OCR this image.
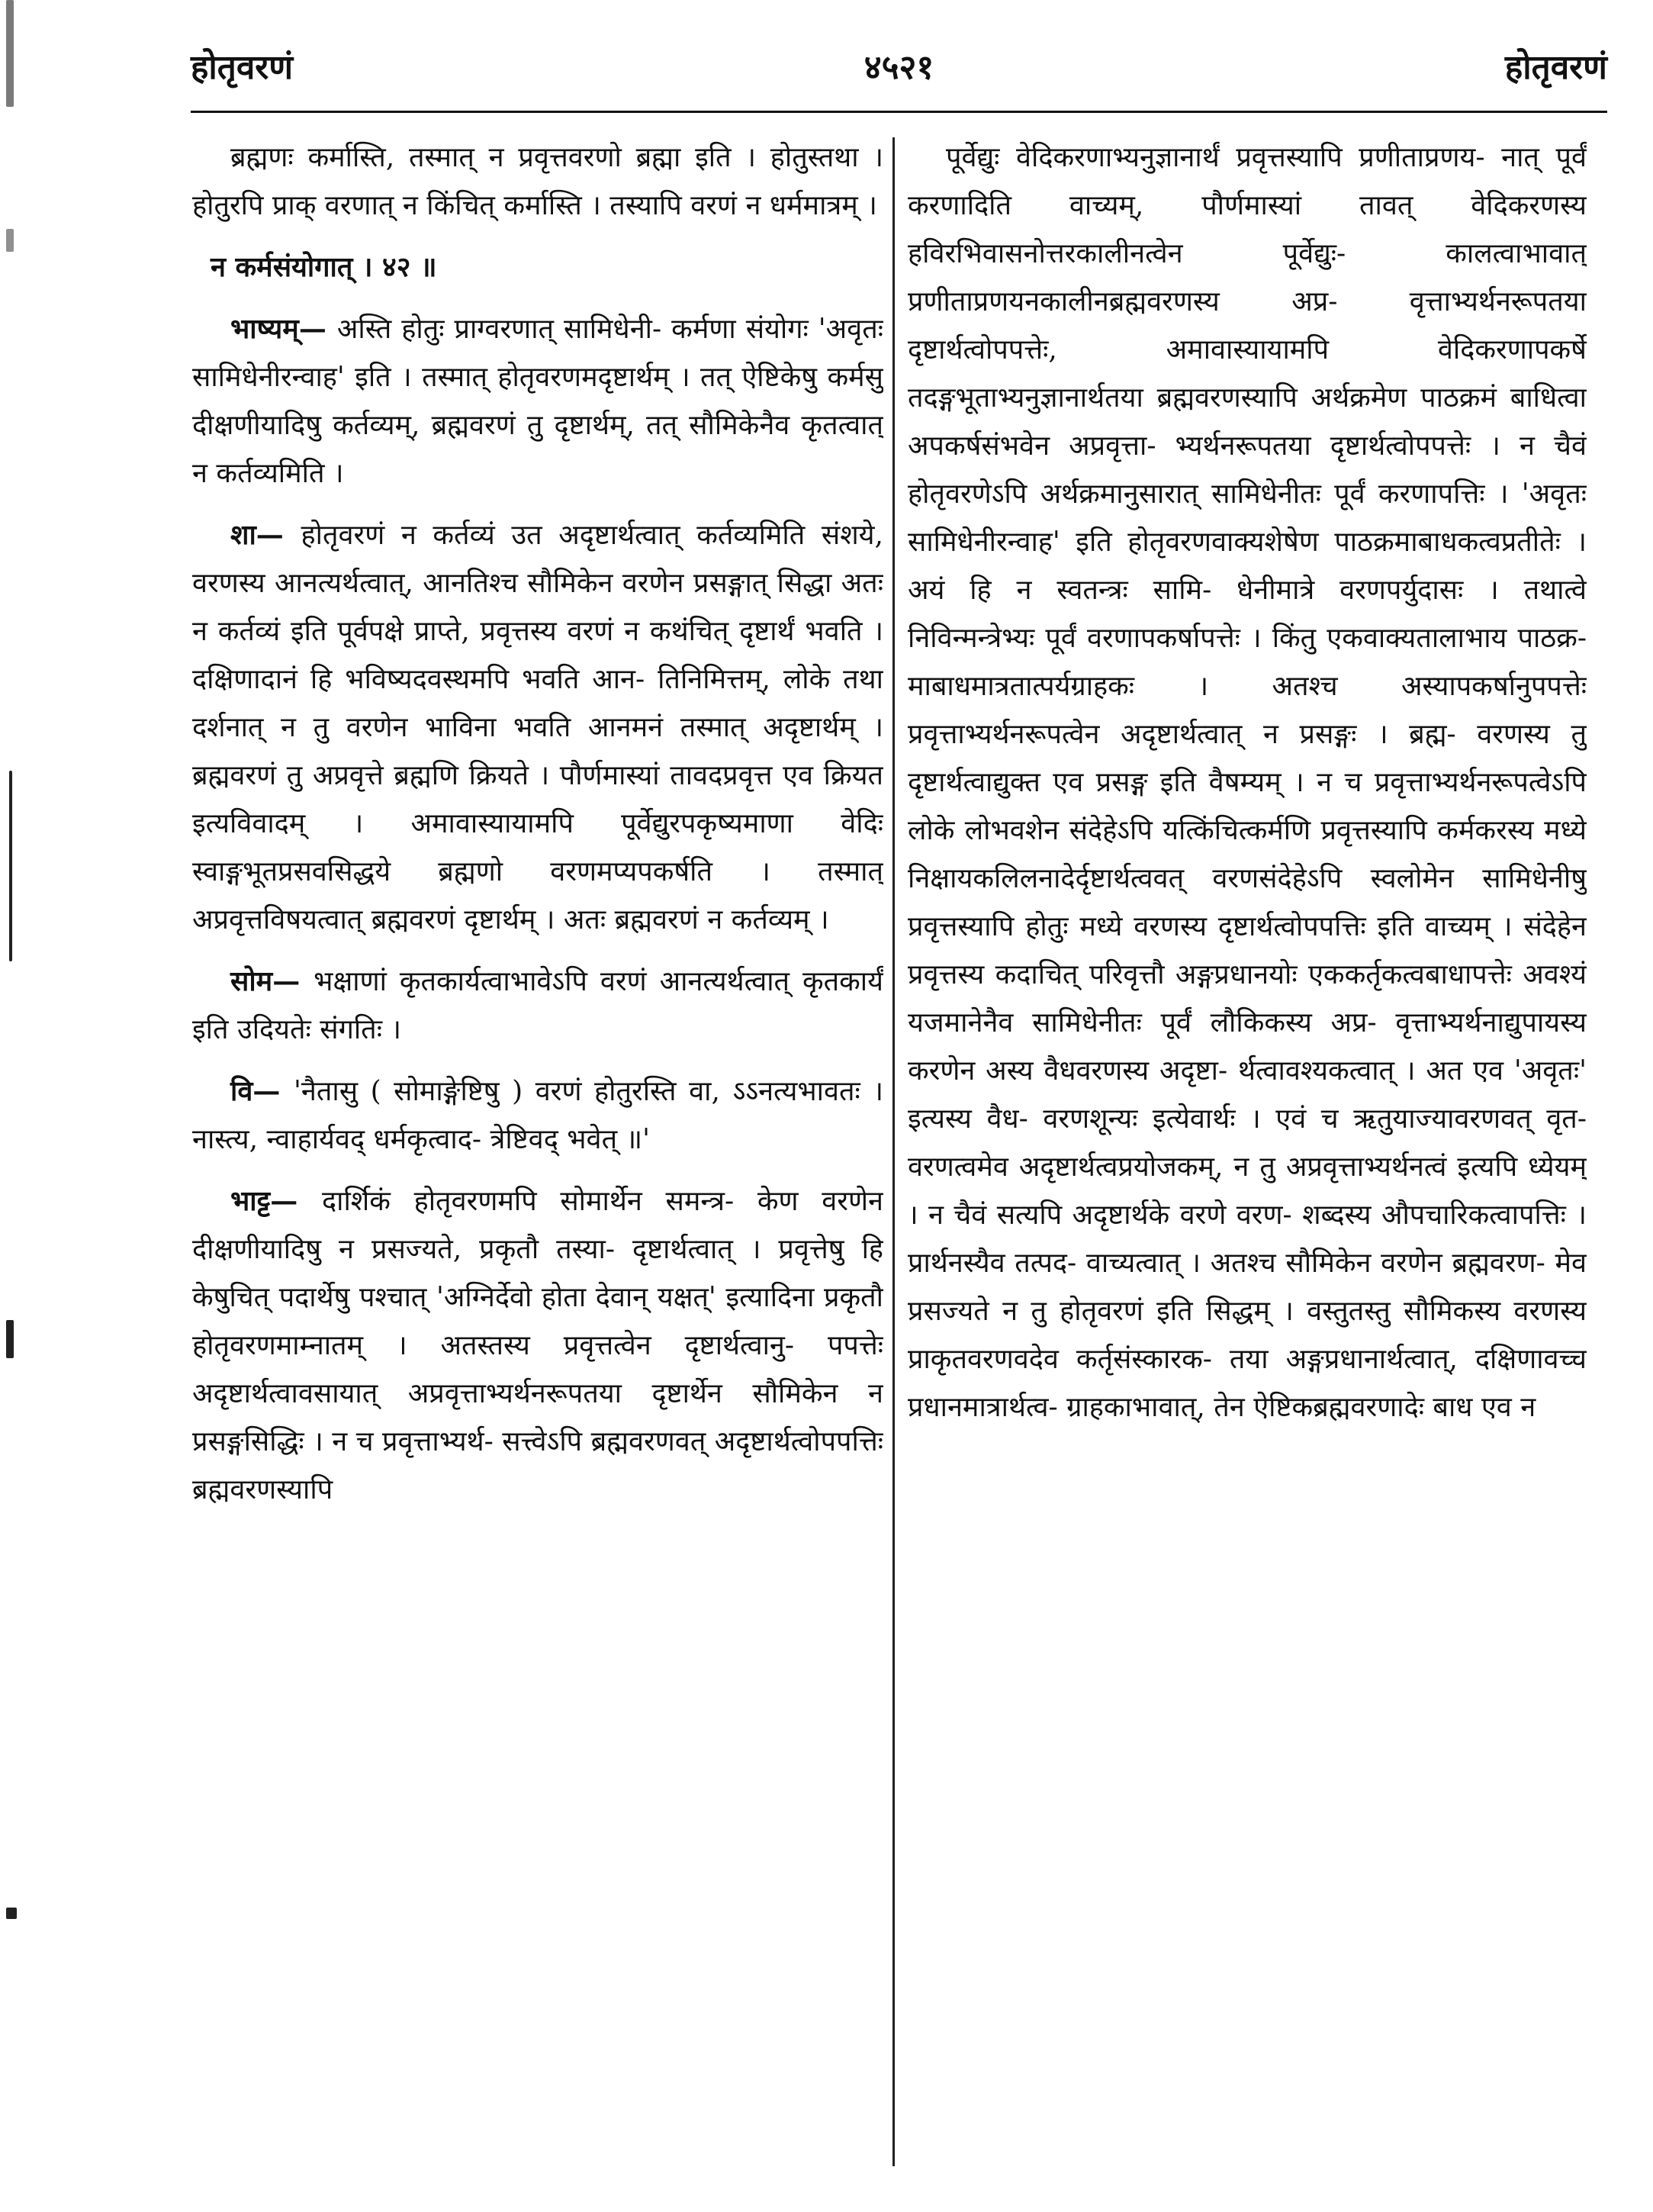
होतृवरणं	४५२१	होतृवरणं
ब्रह्मणः कर्मास्ति, तस्मात् न प्रवृत्तवरणो ब्रह्मा इति । होतुस्तथा । होतुरपि प्राक् वरणात् न किंचित् कर्मास्ति । तस्यापि वरणं न धर्ममात्रम् ।
न कर्मसंयोगात् । ४२ ॥
भाष्यम्— अस्ति होतुः प्राग्वरणात् सामिधेनी- कर्मणा संयोगः 'अवृतः सामिधेनीरन्वाह' इति । तस्मात् होतृवरणमदृष्टार्थम् । तत् ऐष्टिकेषु कर्मसु दीक्षणीयादिषु कर्तव्यम्, ब्रह्मवरणं तु दृष्टार्थम्, तत् सौमिकेनैव कृतत्वात् न कर्तव्यमिति ।
शा— होतृवरणं न कर्तव्यं उत अदृष्टार्थत्वात् कर्तव्यमिति संशये, वरणस्य आनत्यर्थत्वात्, आनतिश्च सौमिकेन वरणेन प्रसङ्गात् सिद्धा अतः न कर्तव्यं इति पूर्वपक्षे प्राप्ते, प्रवृत्तस्य वरणं न कथंचित् दृष्टार्थं भवति । दक्षिणादानं हि भविष्यदवस्थमपि भवति आन- तिनिमित्तम्, लोके तथा दर्शनात् न तु वरणेन भाविना भवति आनमनं तस्मात् अदृष्टार्थम् । ब्रह्मवरणं तु अप्रवृत्ते ब्रह्मणि क्रियते । पौर्णमास्यां तावदप्रवृत्त एव क्रियत इत्यविवादम् । अमावास्यायामपि पूर्वेद्युरपकृष्यमाणा वेदिः स्वाङ्गभूतप्रसवसिद्धये ब्रह्मणो वरणमप्यपकर्षति । तस्मात् अप्रवृत्तविषयत्वात् ब्रह्मवरणं दृष्टार्थम् । अतः ब्रह्मवरणं न कर्तव्यम् ।
सोम— भक्षाणां कृतकार्यत्वाभावेऽपि वरणं आनत्यर्थत्वात् कृतकार्यं इति उदियतेः संगतिः ।
वि— 'नैतासु ( सोमाङ्गेष्टिषु ) वरणं होतुरस्ति वा, ऽऽनत्यभावतः । नास्त्य, न्वाहार्यवद् धर्मकृत्वाद- त्रेष्टिवद् भवेत् ॥'
भाट्ट— दार्शिकं होतृवरणमपि सोमार्थेन समन्त्र- केण वरणेन दीक्षणीयादिषु न प्रसज्यते, प्रकृतौ तस्या- दृष्टार्थत्वात् । प्रवृत्तेषु हि केषुचित् पदार्थेषु पश्चात् 'अग्निर्देवो होता देवान् यक्षत्' इत्यादिना प्रकृतौ होतृवरणमाम्नातम् । अतस्तस्य प्रवृत्तत्वेन दृष्टार्थत्वानु- पपत्तेः अदृष्टार्थत्वावसायात् अप्रवृत्ताभ्यर्थनरूपतया दृष्टार्थेन सौमिकेन न प्रसङ्गसिद्धिः । न च प्रवृत्ताभ्यर्थ- सत्त्वेऽपि ब्रह्मवरणवत् अदृष्टार्थत्वोपपत्तिः ब्रह्मवरणस्यापि
पूर्वेद्युः वेदिकरणाभ्यनुज्ञानार्थं प्रवृत्तस्यापि प्रणीताप्रणय- नात् पूर्वं करणादिति वाच्यम्, पौर्णमास्यां तावत् वेदिकरणस्य हविरभिवासनोत्तरकालीनत्वेन पूर्वेद्युः-	कालत्वाभावात् प्रणीताप्रणयनकालीनब्रह्मवरणस्य अप्र-	वृत्ताभ्यर्थनरूपतया दृष्टार्थत्वोपपत्तेः, अमावास्यायामपि	वेदिकरणापकर्षे तदङ्गभूताभ्यनुज्ञानार्थतया ब्रह्मवरणस्यापि अर्थक्रमेण पाठक्रमं बाधित्वा अपकर्षसंभवेन अप्रवृत्ता- भ्यर्थनरूपतया दृष्टार्थत्वोपपत्तेः । न चैवं होतृवरणेऽपि अर्थक्रमानुसारात् सामिधेनीतः पूर्वं करणापत्तिः । 'अवृतः सामिधेनीरन्वाह' इति होतृवरणवाक्यशेषेण पाठक्रमाबाधकत्वप्रतीतेः । अयं हि न स्वतन्त्रः सामि- धेनीमात्रे वरणपर्युदासः । तथात्वे निविन्मन्त्रेभ्यः पूर्वं वरणापकर्षापत्तेः । किंतु एकवाक्यतालाभाय पाठक्र- माबाधमात्रतात्पर्यग्राहकः । अतश्च अस्यापकर्षानुपपत्तेः प्रवृत्ताभ्यर्थनरूपत्वेन अदृष्टार्थत्वात् न प्रसङ्गः । ब्रह्म- वरणस्य तु दृष्टार्थत्वाद्युक्त एव प्रसङ्ग इति वैषम्यम् । न च प्रवृत्ताभ्यर्थनरूपत्वेऽपि लोके लोभवशेन संदेहेऽपि यत्किंचित्कर्मणि प्रवृत्तस्यापि कर्मकरस्य मध्ये निक्षायकलिलनादेर्दृष्टार्थत्ववत् वरणसंदेहेऽपि स्वलोमेन सामिधेनीषु प्रवृत्तस्यापि होतुः मध्ये वरणस्य दृष्टार्थत्वोपपत्तिः इति वाच्यम् । संदेहेन प्रवृत्तस्य कदाचित् परिवृत्तौ अङ्गप्रधानयोः एककर्तृकत्वबाधापत्तेः अवश्यं यजमानेनैव सामिधेनीतः पूर्वं लौकिकस्य अप्र- वृत्ताभ्यर्थनाद्युपायस्य करणेन अस्य वैधवरणस्य अदृष्टा- र्थत्वावश्यकत्वात् । अत एव 'अवृतः' इत्यस्य वैध- वरणशून्यः इत्येवार्थः । एवं च ऋतुयाज्यावरणवत् वृत- वरणत्वमेव अदृष्टार्थत्वप्रयोजकम्, न तु अप्रवृत्ताभ्यर्थनत्वं इत्यपि ध्येयम् । न चैवं सत्यपि अदृष्टार्थके वरणे वरण- शब्दस्य औपचारिकत्वापत्तिः । प्रार्थनस्यैव तत्पद- वाच्यत्वात् । अतश्च सौमिकेन वरणेन ब्रह्मवरण- मेव प्रसज्यते न तु होतृवरणं इति सिद्धम् । वस्तुतस्तु सौमिकस्य वरणस्य प्राकृतवरणवदेव कर्तृसंस्कारक- तया अङ्गप्रधानार्थत्वात्, दक्षिणावच्च प्रधानमात्रार्थत्व- ग्राहकाभावात्, तेन ऐष्टिकब्रह्मवरणादेः बाध एव न
